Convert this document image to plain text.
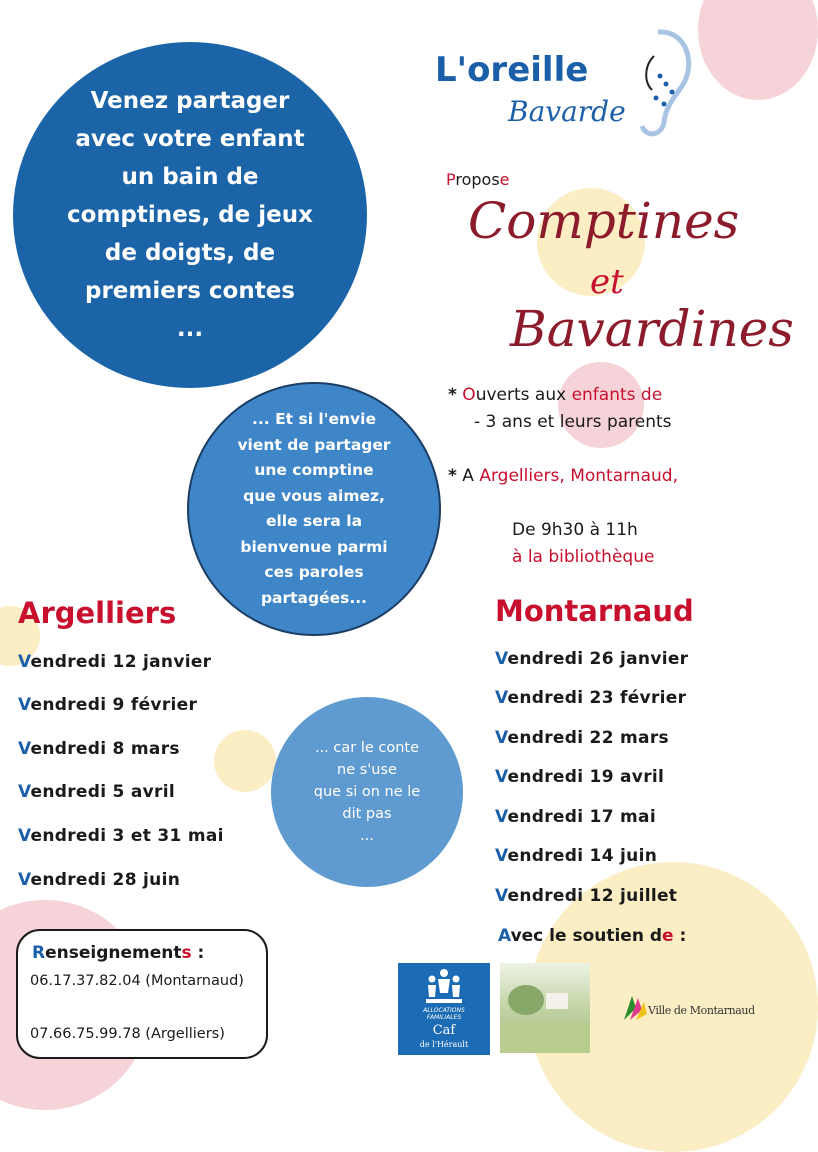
L'oreille
Bavarde
Venez partager
avec votre enfant
un bain de
comptines, de jeux
de doigts, de
premiers contes
...
... Et si l'envie
vient de partager
une comptine
que vous aimez,
elle sera la
bienvenue parmi
ces paroles
partagées...
... car le conte
ne s'use
que si on ne le
dit pas
...
Propose
Comptines
et
Bavardines
* Ouverts aux enfants de
- 3 ans et leurs parents
* A Argelliers, Montarnaud,
De 9h30 à 11h
à la bibliothèque
Argelliers
Vendredi 12 janvier
Vendredi 9 février
Vendredi 8 mars
Vendredi 5 avril
Vendredi 3 et 31 mai
Vendredi 28 juin
Montarnaud
Vendredi 26 janvier
Vendredi 23 février
Vendredi 22 mars
Vendredi 19 avril
Vendredi 17 mai
Vendredi 14 juin
Vendredi 12 juillet
Avec le soutien de :
Renseignements :
06.17.37.82.04 (Montarnaud)
07.66.75.99.78 (Argelliers)
ALLOCATIONS
FAMILIALES
Caf
de l'Hérault
Ville de Montarnaud
